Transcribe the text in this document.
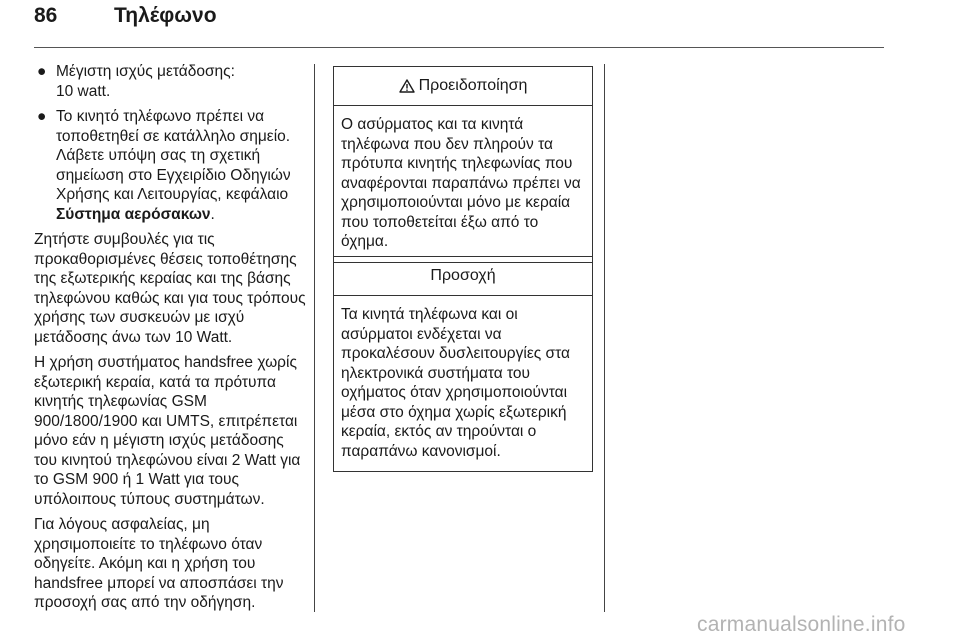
86	Τηλέφωνο
● Μέγιστη ισχύς μετάδοσης:
10 watt.
● Το κινητό τηλέφωνο πρέπει να τοποθετηθεί σε κατάλληλο σημείο. Λάβετε υπόψη σας τη σχετική σημείωση στο Εγχειρίδιο Οδηγιών Χρήσης και Λειτουργίας, κεφάλαιο Σύστημα αερόσακων.

Ζητήστε συμβουλές για τις προκαθορισμένες θέσεις τοποθέτησης της εξωτερικής κεραίας και της βάσης τηλεφώνου καθώς και για τους τρόπους χρήσης των συσκευών με ισχύ μετάδοσης άνω των 10 Watt.

Η χρήση συστήματος handsfree χωρίς εξωτερική κεραία, κατά τα πρότυπα κινητής τηλεφωνίας GSM 900/1800/1900 και UMTS, επιτρέπεται μόνο εάν η μέγιστη ισχύς μετάδοσης του κινητού τηλεφώνου είναι 2 Watt για το GSM 900 ή 1 Watt για τους υπόλοιπους τύπους συστημάτων.

Για λόγους ασφαλείας, μη χρησιμοποιείτε το τηλέφωνο όταν οδηγείτε. Ακόμη και η χρήση του handsfree μπορεί να αποσπάσει την προσοχή σας από την οδήγηση.

Προειδοποίηση
Ο ασύρματος και τα κινητά τηλέφωνα που δεν πληρούν τα πρότυπα κινητής τηλεφωνίας που αναφέρονται παραπάνω πρέπει να χρησιμοποιούνται μόνο με κεραία που τοποθετείται έξω από το όχημα.
Προσοχή
Τα κινητά τηλέφωνα και οι ασύρματοι ενδέχεται να προκαλέσουν δυσλειτουργίες στα ηλεκτρονικά συστήματα του οχήματος όταν χρησιμοποιούνται μέσα στο όχημα χωρίς εξωτερική κεραία, εκτός αν τηρούνται ο παραπάνω κανονισμοί.
carmanualsonline.info
